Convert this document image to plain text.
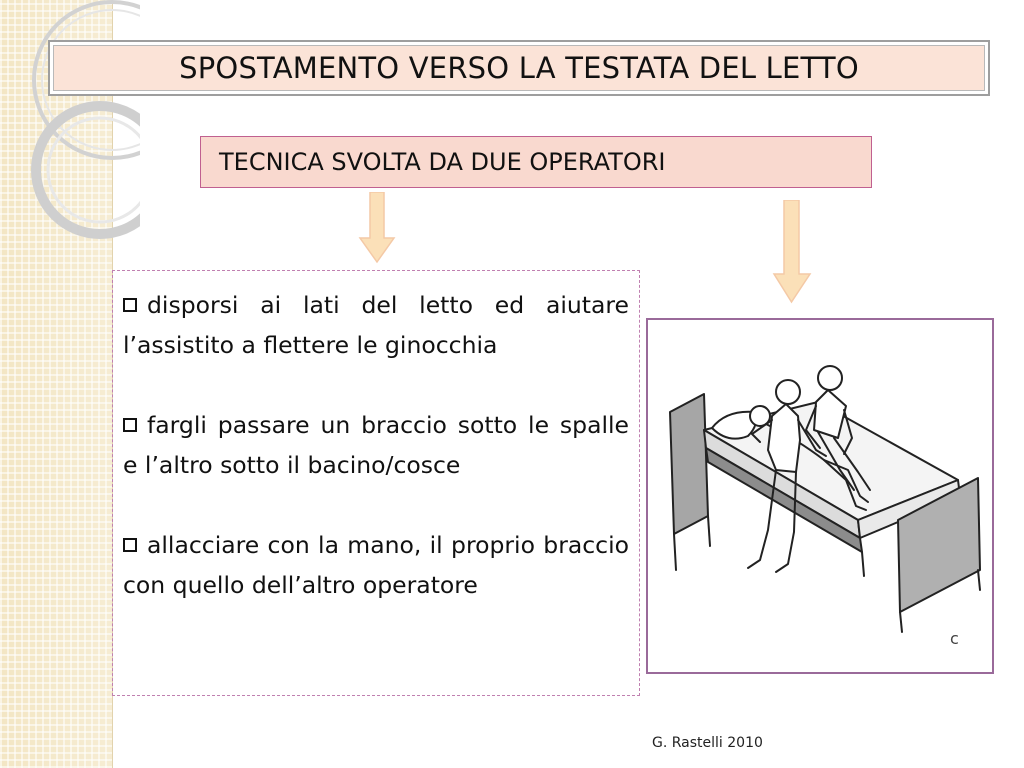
SPOSTAMENTO VERSO LA TESTATA DEL LETTO
TECNICA SVOLTA DA DUE OPERATORI

disporsi ai lati del letto ed aiutare l’assistito a flettere le ginocchia

fargli passare un braccio sotto le spalle e l’altro sotto il bacino/cosce

allacciare con la mano, il proprio braccio con quello dell’altro operatore

c
G. Rastelli 2010
